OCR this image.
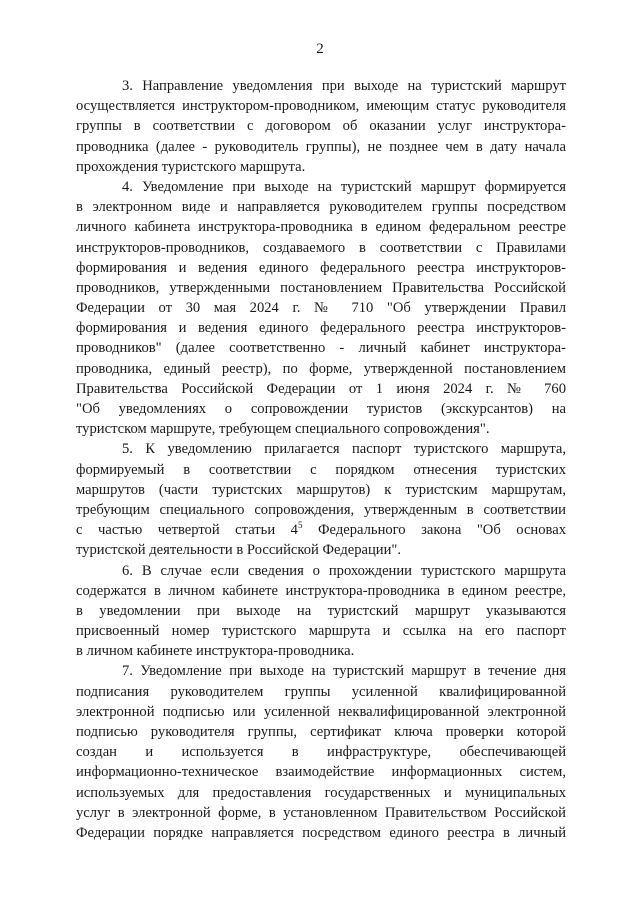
2

3. Направление уведомления при выходе на туристский маршрут
осуществляется инструктором-проводником, имеющим статус руководителя
группы в соответствии с договором об оказании услуг инструктора-
проводника (далее - руководитель группы), не позднее чем в дату начала
прохождения туристского маршрута.

4. Уведомление при выходе на туристский маршрут формируется
в электронном виде и направляется руководителем группы посредством
личного кабинета инструктора-проводника в едином федеральном реестре
инструкторов-проводников, создаваемого в соответствии с Правилами
формирования и ведения единого федерального реестра инструкторов-
проводников, утвержденными постановлением Правительства Российской
Федерации от 30 мая 2024 г. № 710 "Об утверждении Правил
формирования и ведения единого федерального реестра инструкторов-
проводников" (далее соответственно - личный кабинет инструктора-
проводника, единый реестр), по форме, утвержденной постановлением
Правительства Российской Федерации от 1 июня 2024 г. № 760
"Об уведомлениях о сопровождении туристов (экскурсантов) на
туристском маршруте, требующем специального сопровождения".

5. К уведомлению прилагается паспорт туристского маршрута,
формируемый в соответствии с порядком отнесения туристских
маршрутов (части туристских маршрутов) к туристским маршрутам,
требующим специального сопровождения, утвержденным в соответствии
с частью четвертой статьи $4^5$ Федерального закона "Об основах
туристской деятельности в Российской Федерации".

6. В случае если сведения о прохождении туристского маршрута
содержатся в личном кабинете инструктора-проводника в едином реестре,
в уведомлении при выходе на туристский маршрут указываются
присвоенный номер туристского маршрута и ссылка на его паспорт
в личном кабинете инструктора-проводника.

7. Уведомление при выходе на туристский маршрут в течение дня
подписания руководителем группы усиленной квалифицированной
электронной подписью или усиленной неквалифицированной электронной
подписью руководителя группы, сертификат ключа проверки которой
создан и используется в инфраструктуре, обеспечивающей
информационно-техническое взаимодействие информационных систем,
используемых для предоставления государственных и муниципальных
услуг в электронной форме, в установленном Правительством Российской
Федерации порядке направляется посредством единого реестра в личный
